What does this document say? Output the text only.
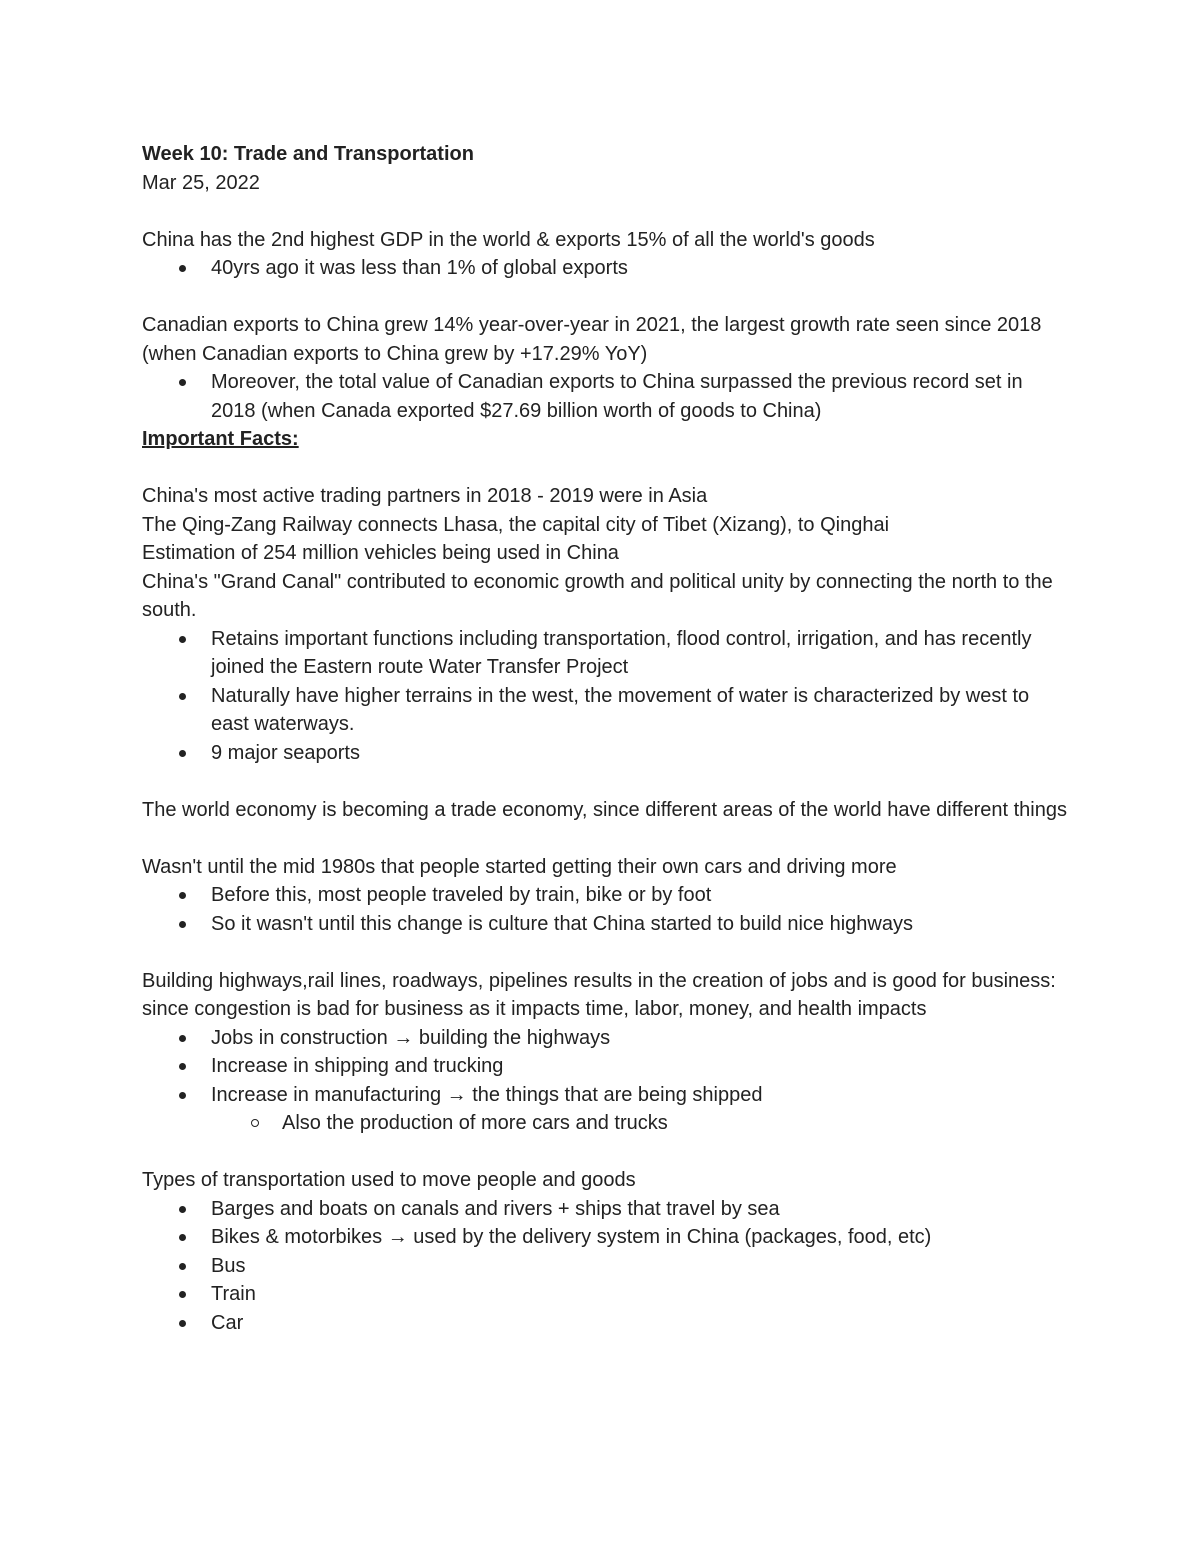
Week 10: Trade and Transportation

Mar 25, 2022

China has the 2nd highest GDP in the world & exports 15% of all the world's goods

40yrs ago it was less than 1% of global exports

Canadian exports to China grew 14% year-over-year in 2021, the largest growth rate seen since 2018 (when Canadian exports to China grew by +17.29% YoY)

Moreover, the total value of Canadian exports to China surpassed the previous record set in 2018 (when Canada exported $27.69 billion worth of goods to China)

Important Facts:

China's most active trading partners in 2018 - 2019 were in Asia

The Qing-Zang Railway connects Lhasa, the capital city of Tibet (Xizang), to Qinghai

Estimation of 254 million vehicles being used in China

China's "Grand Canal" contributed to economic growth and political unity by connecting the north to the south.

Retains important functions including transportation, flood control, irrigation, and has recently joined the Eastern route Water Transfer Project
Naturally have higher terrains in the west, the movement of water is characterized by west to east waterways.
9 major seaports

The world economy is becoming a trade economy, since different areas of the world have different things

Wasn't until the mid 1980s that people started getting their own cars and driving more

Before this, most people traveled by train, bike or by foot
So it wasn't until this change is culture that China started to build nice highways

Building highways,rail lines, roadways, pipelines results in the creation of jobs and is good for business: since congestion is bad for business as it impacts time, labor, money, and health impacts

Jobs in construction → building the highways
Increase in shipping and trucking
Increase in manufacturing → the things that are being shipped
Also the production of more cars and trucks

Types of transportation used to move people and goods

Barges and boats on canals and rivers + ships that travel by sea
Bikes & motorbikes → used by the delivery system in China (packages, food, etc)
Bus
Train
Car
